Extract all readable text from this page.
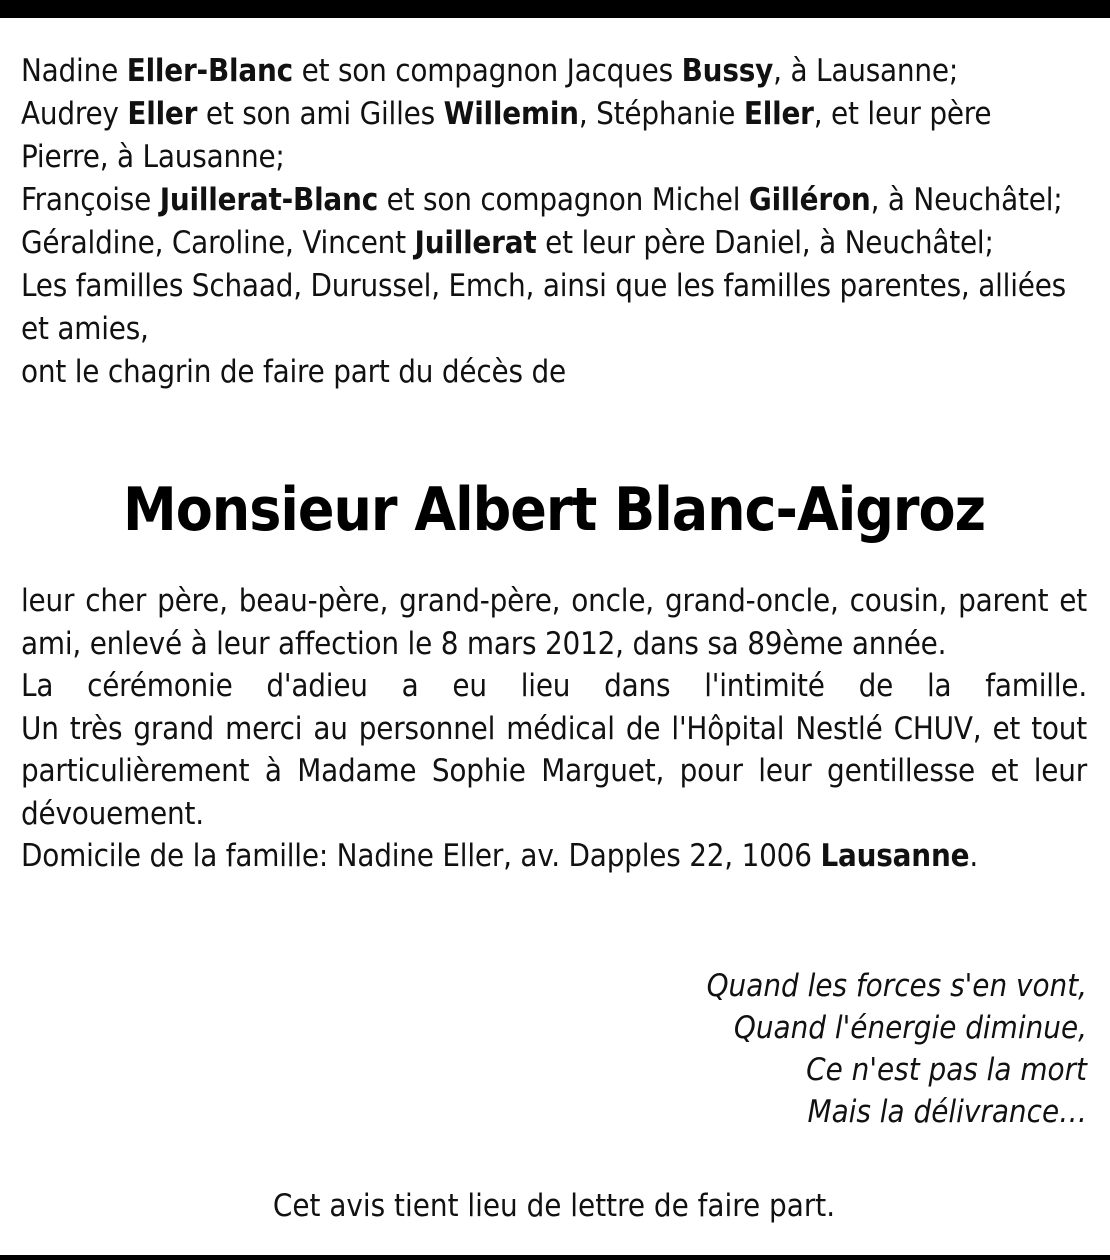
Nadine Eller-Blanc et son compagnon Jacques Bussy, à Lausanne;
Audrey Eller et son ami Gilles Willemin, Stéphanie Eller, et leur père Pierre, à Lausanne;
Françoise Juillerat-Blanc et son compagnon Michel Gilléron, à Neuchâtel;
Géraldine, Caroline, Vincent Juillerat et leur père Daniel, à Neuchâtel;
Les familles Schaad, Durussel, Emch, ainsi que les familles parentes, alliées et amies,
ont le chagrin de faire part du décès de
Monsieur Albert Blanc-Aigroz
leur cher père, beau-père, grand-père, oncle, grand-oncle, cousin, parent et ami, enlevé à leur affection le 8 mars 2012, dans sa 89ème année.
La cérémonie d'adieu a eu lieu dans l'intimité de la famille.
Un très grand merci au personnel médical de l'Hôpital Nestlé CHUV, et tout particulièrement à Madame Sophie Marguet, pour leur gentillesse et leur dévouement.
Domicile de la famille: Nadine Eller, av. Dapples 22, 1006 Lausanne.
Quand les forces s'en vont,
Quand l'énergie diminue,
Ce n'est pas la mort
Mais la délivrance…
Cet avis tient lieu de lettre de faire part.
